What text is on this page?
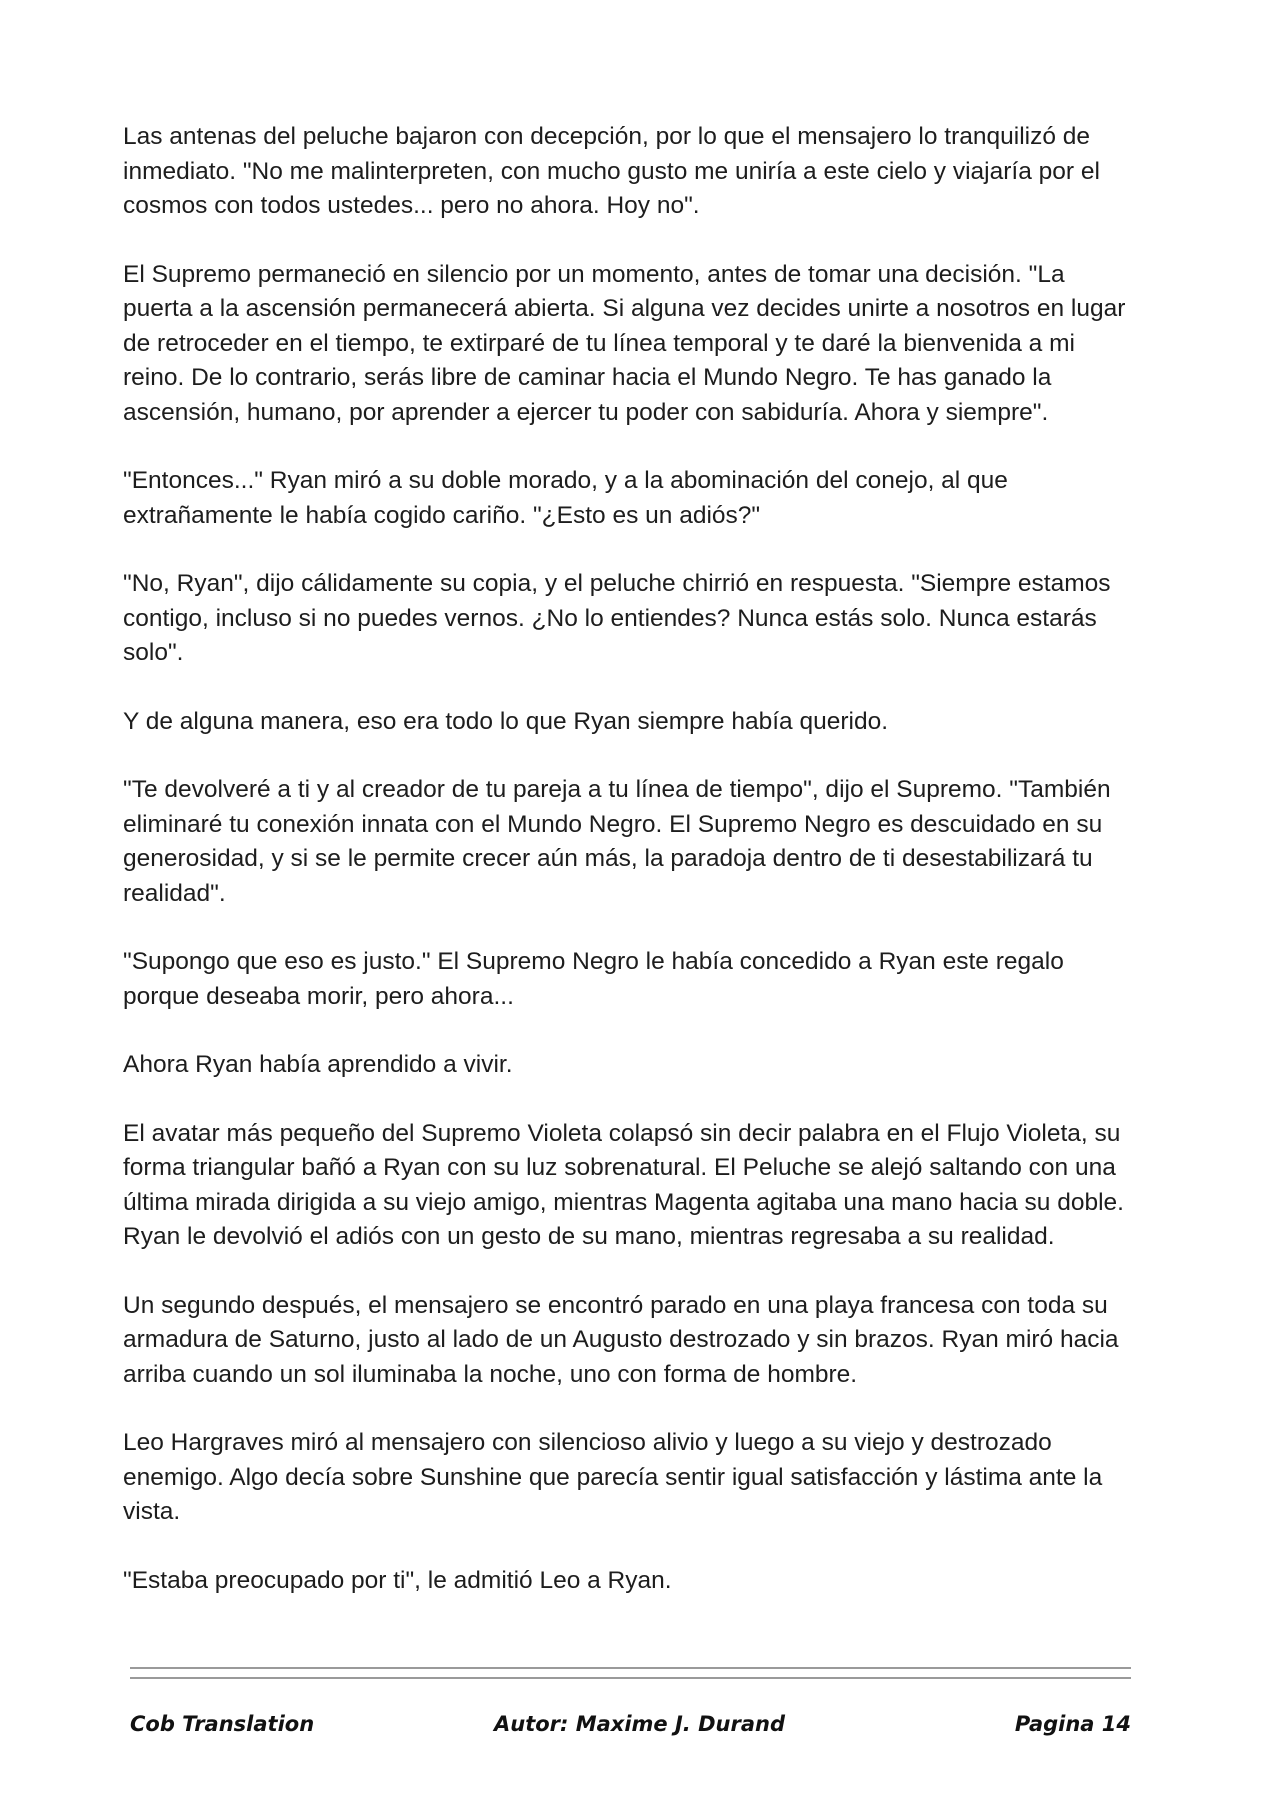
Las antenas del peluche bajaron con decepción, por lo que el mensajero lo tranquilizó de inmediato. "No me malinterpreten, con mucho gusto me uniría a este cielo y viajaría por el cosmos con todos ustedes... pero no ahora. Hoy no".

El Supremo permaneció en silencio por un momento, antes de tomar una decisión. "La puerta a la ascensión permanecerá abierta. Si alguna vez decides unirte a nosotros en lugar de retroceder en el tiempo, te extirparé de tu línea temporal y te daré la bienvenida a mi reino. De lo contrario, serás libre de caminar hacia el Mundo Negro. Te has ganado la ascensión, humano, por aprender a ejercer tu poder con sabiduría. Ahora y siempre".

"Entonces..." Ryan miró a su doble morado, y a la abominación del conejo, al que extrañamente le había cogido cariño. "¿Esto es un adiós?"

"No, Ryan", dijo cálidamente su copia, y el peluche chirrió en respuesta. "Siempre estamos contigo, incluso si no puedes vernos. ¿No lo entiendes? Nunca estás solo. Nunca estarás solo".

Y de alguna manera, eso era todo lo que Ryan siempre había querido.

"Te devolveré a ti y al creador de tu pareja a tu línea de tiempo", dijo el Supremo. "También eliminaré tu conexión innata con el Mundo Negro. El Supremo Negro es descuidado en su generosidad, y si se le permite crecer aún más, la paradoja dentro de ti desestabilizará tu realidad".

"Supongo que eso es justo." El Supremo Negro le había concedido a Ryan este regalo porque deseaba morir, pero ahora...

Ahora Ryan había aprendido a vivir.

El avatar más pequeño del Supremo Violeta colapsó sin decir palabra en el Flujo Violeta, su forma triangular bañó a Ryan con su luz sobrenatural. El Peluche se alejó saltando con una última mirada dirigida a su viejo amigo, mientras Magenta agitaba una mano hacia su doble. Ryan le devolvió el adiós con un gesto de su mano, mientras regresaba a su realidad.

Un segundo después, el mensajero se encontró parado en una playa francesa con toda su armadura de Saturno, justo al lado de un Augusto destrozado y sin brazos. Ryan miró hacia arriba cuando un sol iluminaba la noche, uno con forma de hombre.

Leo Hargraves miró al mensajero con silencioso alivio y luego a su viejo y destrozado enemigo. Algo decía sobre Sunshine que parecía sentir igual satisfacción y lástima ante la vista.

"Estaba preocupado por ti", le admitió Leo a Ryan.

Cob Translation	Autor: Maxime J. Durand	Pagina 14
